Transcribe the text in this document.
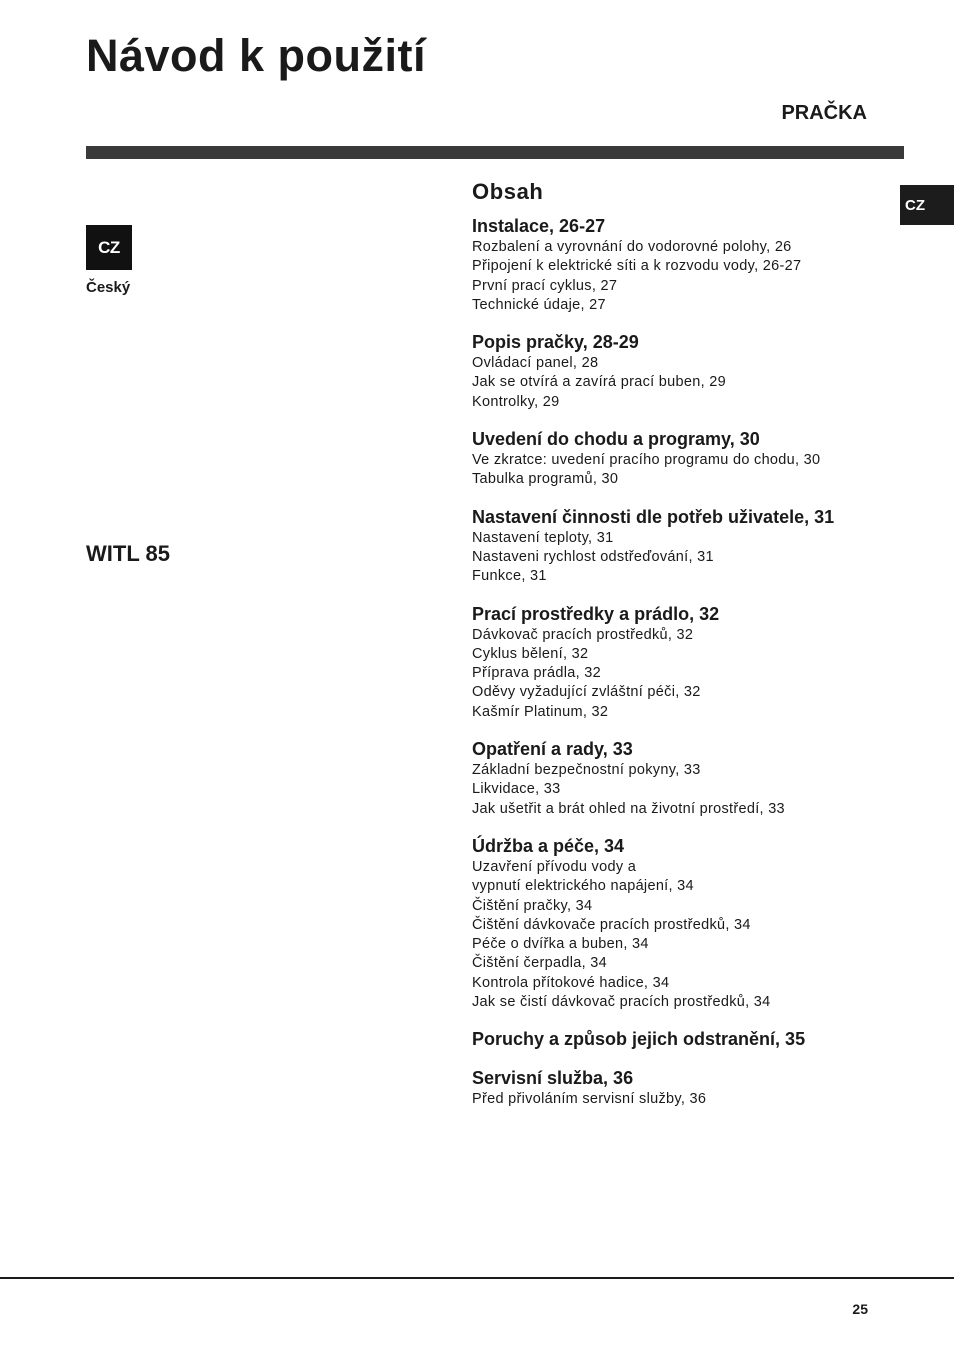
Návod k použití
PRAČKA
CZ
Český
WITL 85
CZ
Obsah
Instalace, 26-27
Rozbalení a vyrovnání do vodorovné polohy, 26
Připojení k elektrické síti a k rozvodu vody, 26-27
První prací cyklus, 27
Technické údaje, 27
Popis pračky, 28-29
Ovládací panel, 28
Jak se otvírá a zavírá prací buben, 29
Kontrolky, 29
Uvedení do chodu a programy, 30
Ve zkratce: uvedení pracího programu do chodu, 30
Tabulka programů, 30
Nastavení činnosti dle potřeb uživatele, 31
Nastavení teploty, 31
Nastaveni rychlost odstřeďování, 31
Funkce, 31
Prací prostředky a prádlo, 32
Dávkovač pracích prostředků, 32
Cyklus bělení, 32
Příprava prádla, 32
Oděvy vyžadující zvláštní péči, 32
Kašmír Platinum, 32
Opatření a rady, 33
Základní bezpečnostní pokyny, 33
Likvidace, 33
Jak ušetřit a brát ohled na životní prostředí, 33
Údržba a péče, 34
Uzavření přívodu vody a
vypnutí elektrického napájení, 34
Čištění pračky, 34
Čištění dávkovače pracích prostředků, 34
Péče o dvířka a buben, 34
Čištění čerpadla, 34
Kontrola přítokové hadice, 34
Jak se čistí dávkovač pracích prostředků, 34
Poruchy a způsob jejich odstranění, 35
Servisní služba, 36
Před přivoláním servisní služby, 36
25
